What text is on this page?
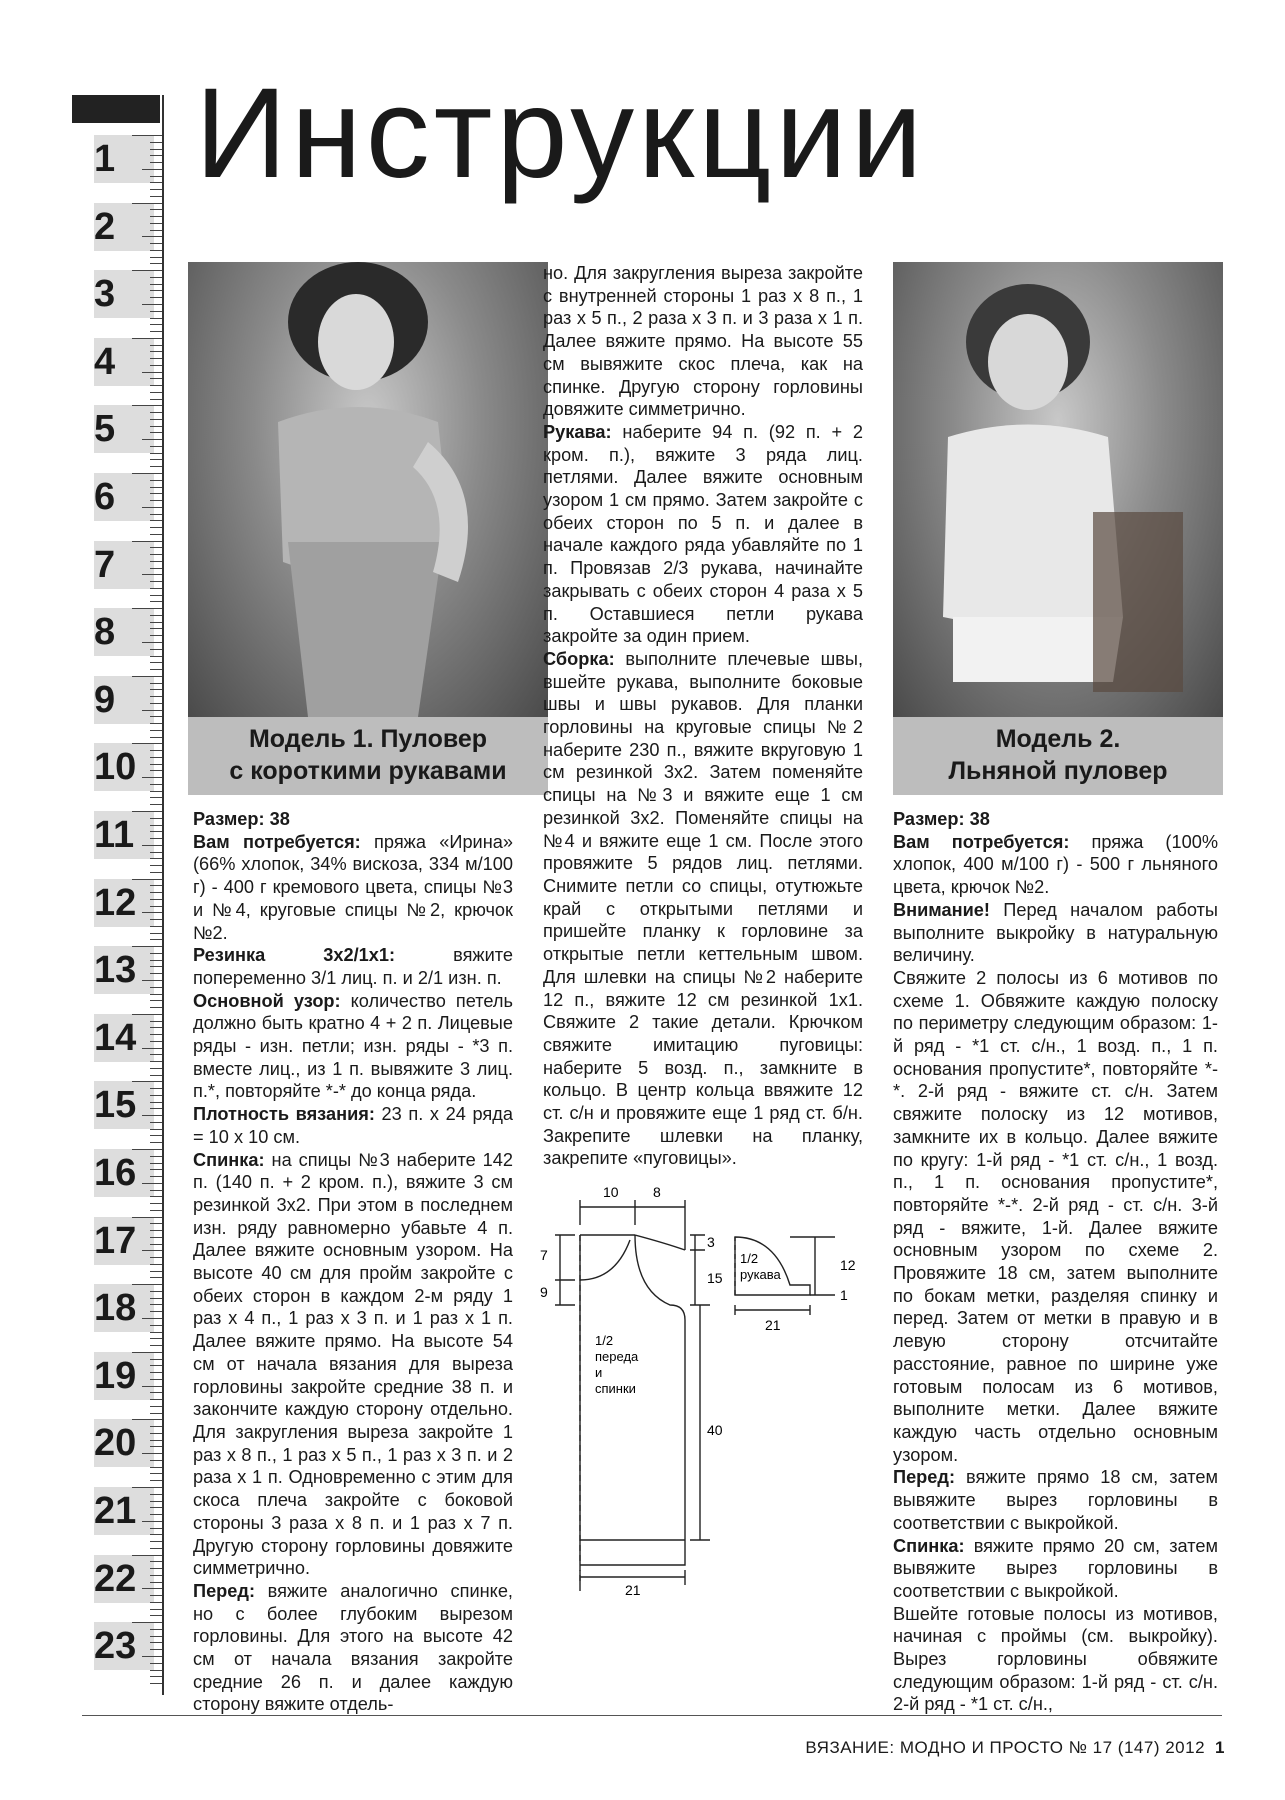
1
2
3
4
5
6
7
8
9
10
11
12
13
14
15
16
17
18
19
20
21
22
23
Инструкции
Модель 1. Пуловер
с короткими рукавами
Модель 2.
Льняной пуловер

Размер: 38

Вам потребуется: пряжа «Ирина» (66% хлопок, 34% вискоза, 334 м/100 г) - 400 г кремового цвета, спицы №3 и №4, круговые спицы №2, крючок №2.

Резинка 3х2/1х1: вяжите попеременно 3/1 лиц. п. и 2/1 изн. п.

Основной узор: количество петель должно быть кратно 4 + 2 п. Лицевые ряды - изн. петли; изн. ряды - *3 п. вместе лиц., из 1 п. вывяжите 3 лиц. п.*, повторяйте *-* до конца ряда.

Плотность вязания: 23 п. х 24 ряда = 10 х 10 см.

Спинка: на спицы №3 наберите 142 п. (140 п. + 2 кром. п.), вяжите 3 см резинкой 3х2. При этом в последнем изн. ряду равномерно убавьте 4 п. Далее вяжите основным узором. На высоте 40 см для пройм закройте с обеих сторон в каждом 2-м ряду 1 раз х 4 п., 1 раз х 3 п. и 1 раз х 1 п. Далее вяжите прямо. На высоте 54 см от начала вязания для выреза горловины закройте средние 38 п. и закончите каждую сторону отдельно. Для закругления выреза закройте 1 раз х 8 п., 1 раз х 5 п., 1 раз х 3 п. и 2 раза х 1 п. Одновременно с этим для скоса плеча закройте с боковой стороны 3 раза х 8 п. и 1 раз х 7 п. Другую сторону горловины довяжите симметрично.

Перед: вяжите аналогично спинке, но с более глубоким вырезом горловины. Для этого на высоте 42 см от начала вязания закройте средние 26 п. и далее каждую сторону вяжите отдель-

но. Для закругления выреза закройте с внутренней стороны 1 раз х 8 п., 1 раз х 5 п., 2 раза х 3 п. и 3 раза х 1 п. Далее вяжите прямо. На высоте 55 см вывяжите скос плеча, как на спинке. Другую сторону горловины довяжите симметрично.

Рукава: наберите 94 п. (92 п. + 2 кром. п.), вяжите 3 ряда лиц. петлями. Далее вяжите основным узором 1 см прямо. Затем закройте с обеих сторон по 5 п. и далее в начале каждого ряда убавляйте по 1 п. Провязав 2/3 рукава, начинайте закрывать с обеих сторон 4 раза х 5 п. Оставшиеся петли рукава закройте за один прием.

Сборка: выполните плечевые швы, вшейте рукава, выполните боковые швы и швы рукавов. Для планки горловины на круговые спицы №2 наберите 230 п., вяжите вкруговую 1 см резинкой 3х2. Затем поменяйте спицы на №3 и вяжите еще 1 см резинкой 3х2. Поменяйте спицы на №4 и вяжите еще 1 см. После этого провяжите 5 рядов лиц. петлями. Снимите петли со спицы, отутюжьте край с открытыми петлями и пришейте планку к горловине за открытые петли кеттельным швом. Для шлевки на спицы №2 наберите 12 п., вяжите 12 см резинкой 1х1. Свяжите 2 такие детали. Крючком свяжите имитацию пуговицы: наберите 5 возд. п., замкните в кольцо. В центр кольца ввяжите 12 ст. с/н и провяжите еще 1 ряд ст. б/н. Закрепите шлевки на планку, закрепите «пуговицы».

Размер: 38

Вам потребуется: пряжа (100% хлопок, 400 м/100 г) - 500 г льняного цвета, крючок №2.

Внимание! Перед началом работы выполните выкройку в натуральную величину.

Свяжите 2 полосы из 6 мотивов по схеме 1. Обвяжите каждую полоску по периметру следующим образом: 1-й ряд - *1 ст. с/н., 1 возд. п., 1 п. основания пропустите*, повторяйте *-*. 2-й ряд - вяжите ст. с/н. Затем свяжите полоску из 12 мотивов, замкните их в кольцо. Далее вяжите по кругу: 1-й ряд - *1 ст. с/н., 1 возд. п., 1 п. основания пропустите*, повторяйте *-*. 2-й ряд - ст. с/н. 3-й ряд - вяжите, 1-й. Далее вяжите основным узором по схеме 2. Провяжите 18 см, затем выполните по бокам метки, разделяя спинку и перед. Затем от метки в правую и в левую сторону отсчитайте расстояние, равное по ширине уже готовым полосам из 6 мотивов, выполните метки. Далее вяжите каждую часть отдельно основным узором.

Перед: вяжите прямо 18 см, затем вывяжите вырез горловины в соответствии с выкройкой.

Спинка: вяжите прямо 20 см, затем вывяжите вырез горловины в соответствии с выкройкой.

Вшейте готовые полосы из мотивов, начиная с проймы (см. выкройку). Вырез горловины обвяжите следующим образом: 1-й ряд - ст. с/н. 2-й ряд - *1 ст. с/н.,

10 8
7
9
3
15
40
21
12
1
21
1/2
рукава
1/2
переда
и
спинки
ВЯЗАНИЕ: МОДНО И ПРОСТО № 17 (147) 2012 1
